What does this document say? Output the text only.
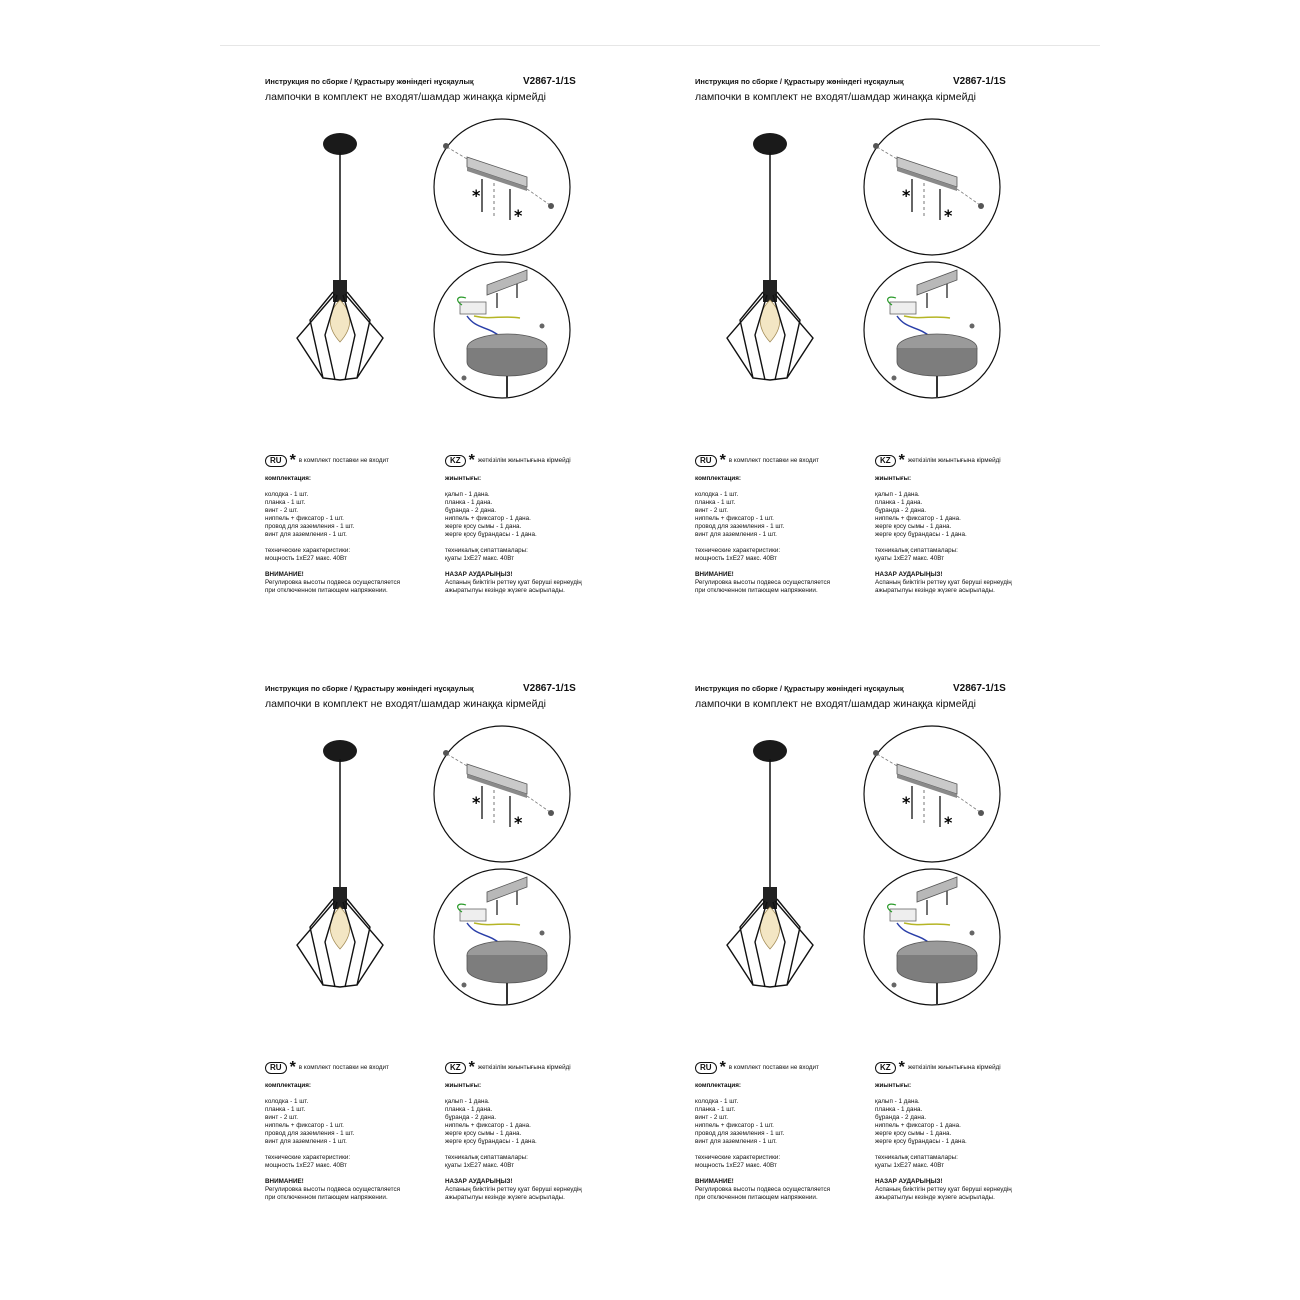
Инструкция по сборке / Құрастыру жөніндегі нұсқаулық	V2867-1/1S
лампочки в комплект не входят/шамдар жинаққа кірмейді
*
*
RU * в комплект поставки не входит
комплектация:
колодка - 1 шт.
планка - 1 шт.
винт - 2 шт.
ниппель + фиксатор - 1 шт.
провод для заземления - 1 шт.
винт для заземления - 1 шт.
технические характеристики:
мощность 1хЕ27 макс. 40Вт
ВНИМАНИЕ!
Регулировка высоты подвеса осуществляется
при отключенном питающем напряжении.
KZ * жеткізілім жиынтығына кірмейді
жиынтығы:
қалып - 1 дана.
планка - 1 дана.
бұранда - 2 дана.
ниппель + фиксатор - 1 дана.
жерге қосу сымы - 1 дана.
жерге қосу бұрандасы - 1 дана.
техникалық сипаттамалары:
қуаты 1хЕ27 макс. 40Вт
НАЗАР АУДАРЫҢЫЗ!
Аспаның биіктігін реттеу қуат беруші кернеудің
ажыратылуы кезінде жүзеге асырылады.
Инструкция по сборке / Құрастыру жөніндегі нұсқаулық	V2867-1/1S
лампочки в комплект не входят/шамдар жинаққа кірмейді
*
*
RU * в комплект поставки не входит
комплектация:
колодка - 1 шт.
планка - 1 шт.
винт - 2 шт.
ниппель + фиксатор - 1 шт.
провод для заземления - 1 шт.
винт для заземления - 1 шт.
технические характеристики:
мощность 1хЕ27 макс. 40Вт
ВНИМАНИЕ!
Регулировка высоты подвеса осуществляется
при отключенном питающем напряжении.
KZ * жеткізілім жиынтығына кірмейді
жиынтығы:
қалып - 1 дана.
планка - 1 дана.
бұранда - 2 дана.
ниппель + фиксатор - 1 дана.
жерге қосу сымы - 1 дана.
жерге қосу бұрандасы - 1 дана.
техникалық сипаттамалары:
қуаты 1хЕ27 макс. 40Вт
НАЗАР АУДАРЫҢЫЗ!
Аспаның биіктігін реттеу қуат беруші кернеудің
ажыратылуы кезінде жүзеге асырылады.
Инструкция по сборке / Құрастыру жөніндегі нұсқаулық	V2867-1/1S
лампочки в комплект не входят/шамдар жинаққа кірмейді
*
*
RU * в комплект поставки не входит
комплектация:
колодка - 1 шт.
планка - 1 шт.
винт - 2 шт.
ниппель + фиксатор - 1 шт.
провод для заземления - 1 шт.
винт для заземления - 1 шт.
технические характеристики:
мощность 1хЕ27 макс. 40Вт
ВНИМАНИЕ!
Регулировка высоты подвеса осуществляется
при отключенном питающем напряжении.
KZ * жеткізілім жиынтығына кірмейді
жиынтығы:
қалып - 1 дана.
планка - 1 дана.
бұранда - 2 дана.
ниппель + фиксатор - 1 дана.
жерге қосу сымы - 1 дана.
жерге қосу бұрандасы - 1 дана.
техникалық сипаттамалары:
қуаты 1хЕ27 макс. 40Вт
НАЗАР АУДАРЫҢЫЗ!
Аспаның биіктігін реттеу қуат беруші кернеудің
ажыратылуы кезінде жүзеге асырылады.
Инструкция по сборке / Құрастыру жөніндегі нұсқаулық	V2867-1/1S
лампочки в комплект не входят/шамдар жинаққа кірмейді
*
*
RU * в комплект поставки не входит
комплектация:
колодка - 1 шт.
планка - 1 шт.
винт - 2 шт.
ниппель + фиксатор - 1 шт.
провод для заземления - 1 шт.
винт для заземления - 1 шт.
технические характеристики:
мощность 1хЕ27 макс. 40Вт
ВНИМАНИЕ!
Регулировка высоты подвеса осуществляется
при отключенном питающем напряжении.
KZ * жеткізілім жиынтығына кірмейді
жиынтығы:
қалып - 1 дана.
планка - 1 дана.
бұранда - 2 дана.
ниппель + фиксатор - 1 дана.
жерге қосу сымы - 1 дана.
жерге қосу бұрандасы - 1 дана.
техникалық сипаттамалары:
қуаты 1хЕ27 макс. 40Вт
НАЗАР АУДАРЫҢЫЗ!
Аспаның биіктігін реттеу қуат беруші кернеудің
ажыратылуы кезінде жүзеге асырылады.
